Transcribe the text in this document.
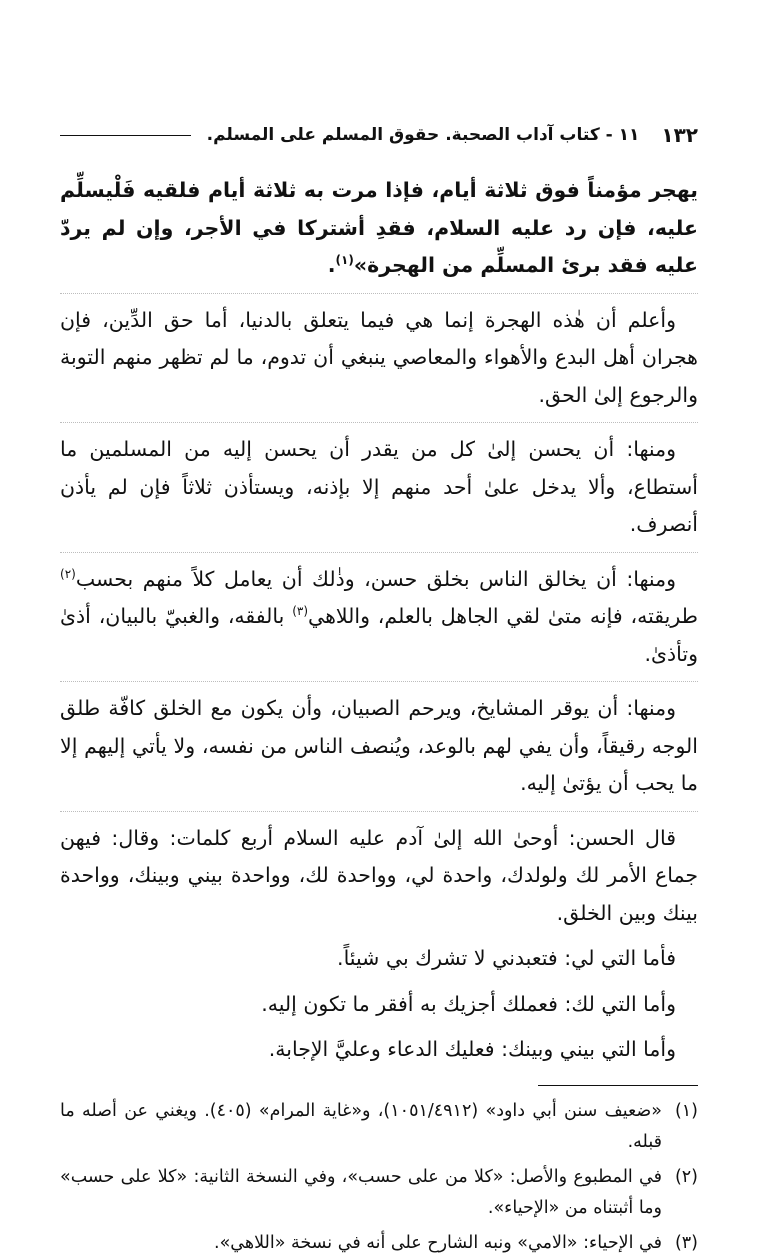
١٣٢
١١ - كتاب آداب الصحبة. حقوق المسلم على المسلم.

يهجر مؤمناً فوق ثلاثة أيام، فإذا مرت به ثلاثة أيام فلقيه فَلْيسلِّم عليه، فإن رد عليه السلام، فقدِ أشتركا في الأجر، وإن لم يردّ عليه فقد برئ المسلِّم من الهجرة»$^{(١)}$.

وأعلم أن هٰذه الهجرة إنما هي فيما يتعلق بالدنيا، أما حق الدِّين، فإن هجران أهل البدع والأهواء والمعاصي ينبغي أن تدوم، ما لم تظهر منهم التوبة والرجوع إلىٰ الحق.

ومنها: أن يحسن إلىٰ كل من يقدر أن يحسن إليه من المسلمين ما أستطاع، وألا يدخل علىٰ أحد منهم إلا بإذنه، ويستأذن ثلاثاً فإن لم يأذن أنصرف.

ومنها: أن يخالق الناس بخلق حسن، وذٰلك أن يعامل كلاً منهم بحسب$^{(٢)}$ طريقته، فإنه متىٰ لقي الجاهل بالعلم، واللاهي$^{(٣)}$ بالفقه، والغبيّ بالبيان، أذىٰ وتأذىٰ.

ومنها: أن يوقر المشايخ، ويرحم الصبيان، وأن يكون مع الخلق كافّة طلق الوجه رقيقاً، وأن يفي لهم بالوعد، ويُنصف الناس من نفسه، ولا يأتي إليهم إلا ما يحب أن يؤتىٰ إليه.

قال الحسن: أوحىٰ الله إلىٰ آدم عليه السلام أربع كلمات: وقال: فيهن جماع الأمر لك ولولدك، واحدة لي، وواحدة لك، وواحدة بيني وبينك، وواحدة بينك وبين الخلق.

فأما التي لي: فتعبدني لا تشرك بي شيئاً.

وأما التي لك: فعملك أجزيك به أفقر ما تكون إليه.

وأما التي بيني وبينك: فعليك الدعاء وعليَّ الإجابة.

(١)
«ضعيف سنن أبي داود» (١٠٥١/٤٩١٢)، و«غاية المرام» (٤٠٥). ويغني عن أصله ما قبله.
(٢)
في المطبوع والأصل: «كلا من على حسب»، وفي النسخة الثانية: «كلا على حسب» وما أثبتناه من «الإحياء».
(٣)
في الإحياء: «الامي» ونبه الشارح على أنه في نسخة «اللاهي».
